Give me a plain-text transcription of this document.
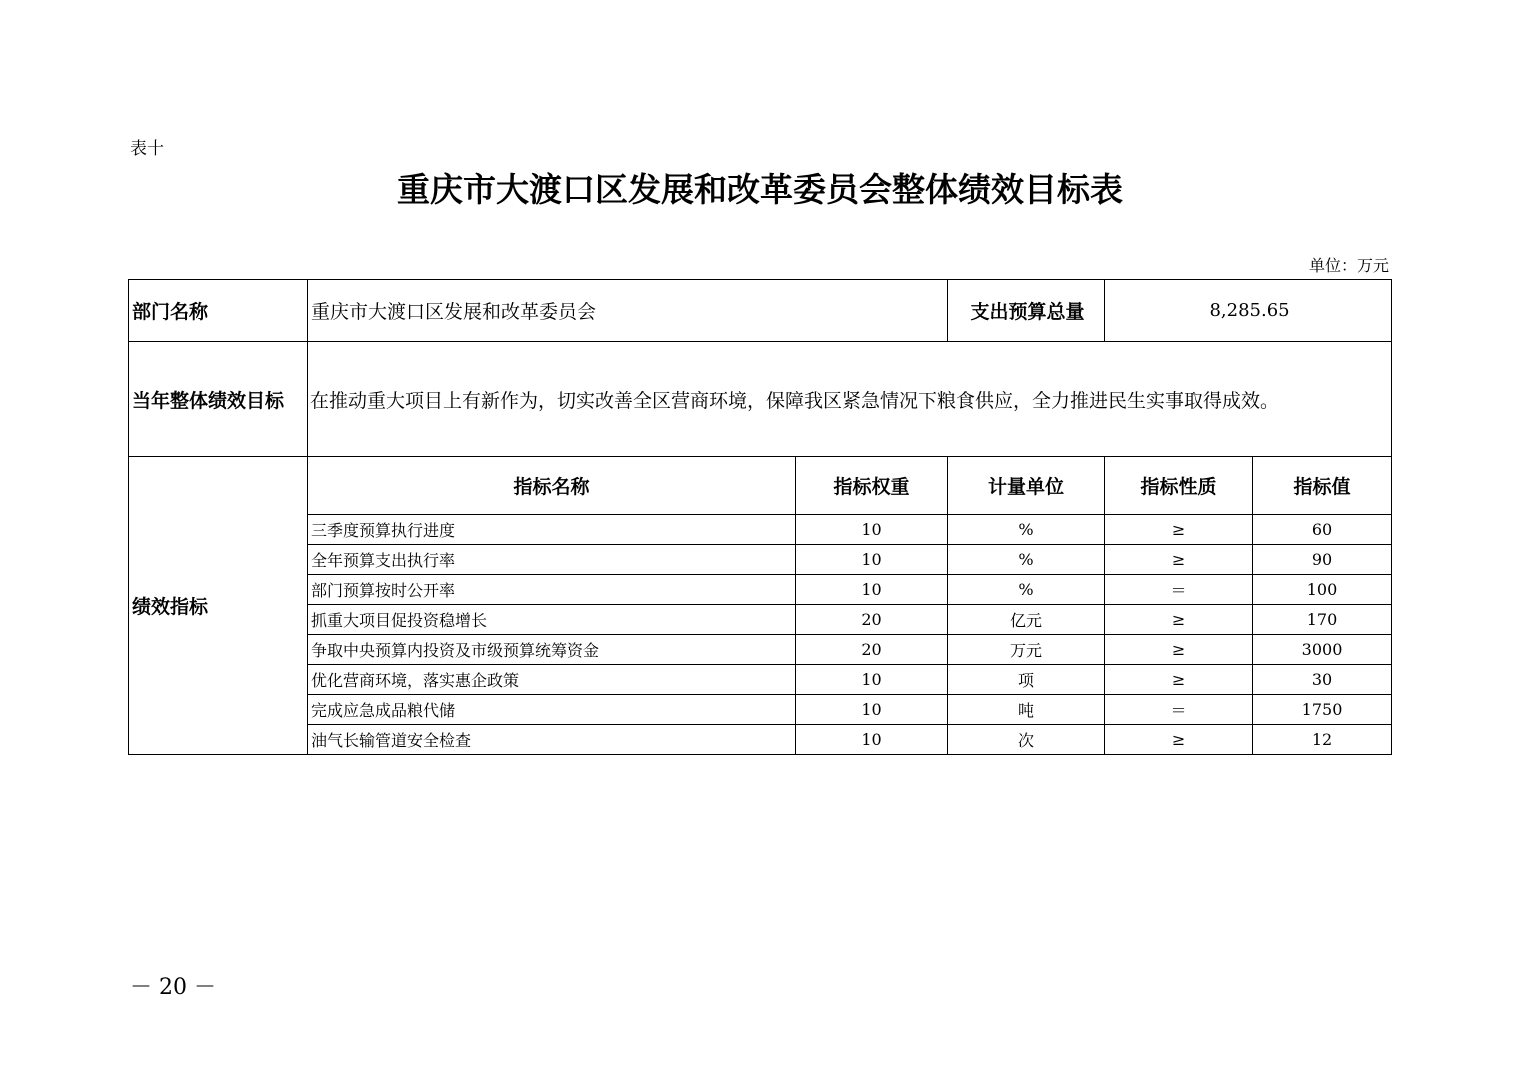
表十
重庆市大渡口区发展和改革委员会整体绩效目标表
单位：万元
部门名称	重庆市大渡口区发展和改革委员会		支出预算总量	8,285.65	
当年整体绩效目标	在推动重大项目上有新作为，切实改善全区营商环境，保障我区紧急情况下粮食供应，全力推进民生实事取得成效。				
绩效指标	指标名称	指标权重	计量单位	指标性质	指标值
	三季度预算执行进度	10	%	≥	60
	全年预算支出执行率	10	%	≥	90
	部门预算按时公开率	10	%	＝	100
	抓重大项目促投资稳增长	20	亿元	≥	170
	争取中央预算内投资及市级预算统筹资金	20	万元	≥	3000
	优化营商环境，落实惠企政策	10	项	≥	30
	完成应急成品粮代储	10	吨	＝	1750
	油气长输管道安全检查	10	次	≥	12
－ 20 －
